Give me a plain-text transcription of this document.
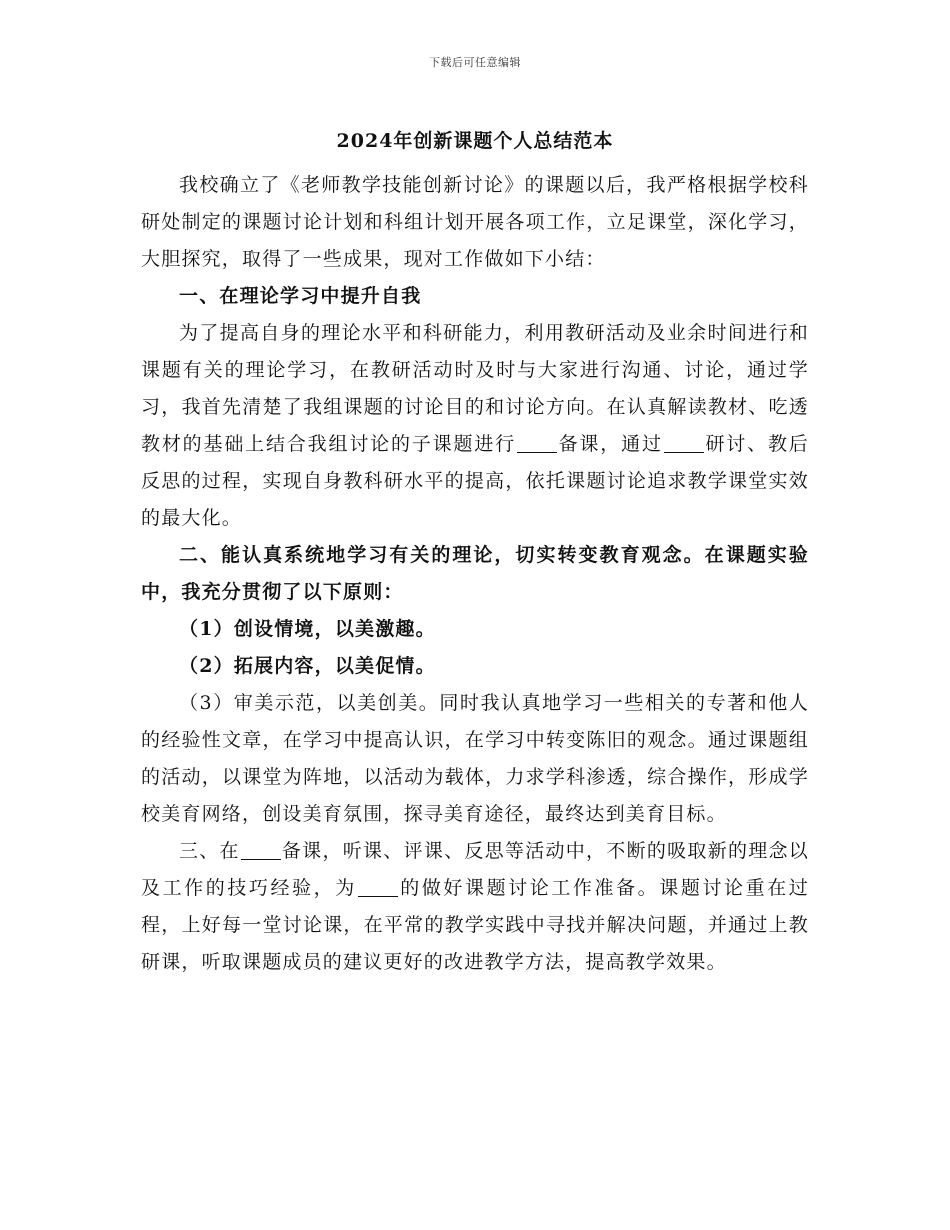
下载后可任意编辑
2024年创新课题个人总结范本

我校确立了《老师教学技能创新讨论》的课题以后，我严格根据学校科研处制定的课题讨论计划和科组计划开展各项工作，立足课堂，深化学习，大胆探究，取得了一些成果，现对工作做如下小结：

一、在理论学习中提升自我

为了提高自身的理论水平和科研能力，利用教研活动及业余时间进行和课题有关的理论学习，在教研活动时及时与大家进行沟通、讨论，通过学习，我首先清楚了我组课题的讨论目的和讨论方向。在认真解读教材、吃透教材的基础上结合我组讨论的子课题进行 备课，通过 研讨、教后反思的过程，实现自身教科研水平的提高，依托课题讨论追求教学课堂实效的最大化。

二、能认真系统地学习有关的理论，切实转变教育观念。在课题实验中，我充分贯彻了以下原则：

（1）创设情境，以美激趣。

（2）拓展内容，以美促情。

（3）审美示范，以美创美。同时我认真地学习一些相关的专著和他人的经验性文章，在学习中提高认识，在学习中转变陈旧的观念。通过课题组的活动，以课堂为阵地，以活动为载体，力求学科渗透，综合操作，形成学校美育网络，创设美育氛围，探寻美育途径，最终达到美育目标。

三、在 备课，听课、评课、反思等活动中，不断的吸取新的理念以及工作的技巧经验，为 的做好课题讨论工作准备。课题讨论重在过程，上好每一堂讨论课，在平常的教学实践中寻找并解决问题，并通过上教研课，听取课题成员的建议更好的改进教学方法，提高教学效果。
